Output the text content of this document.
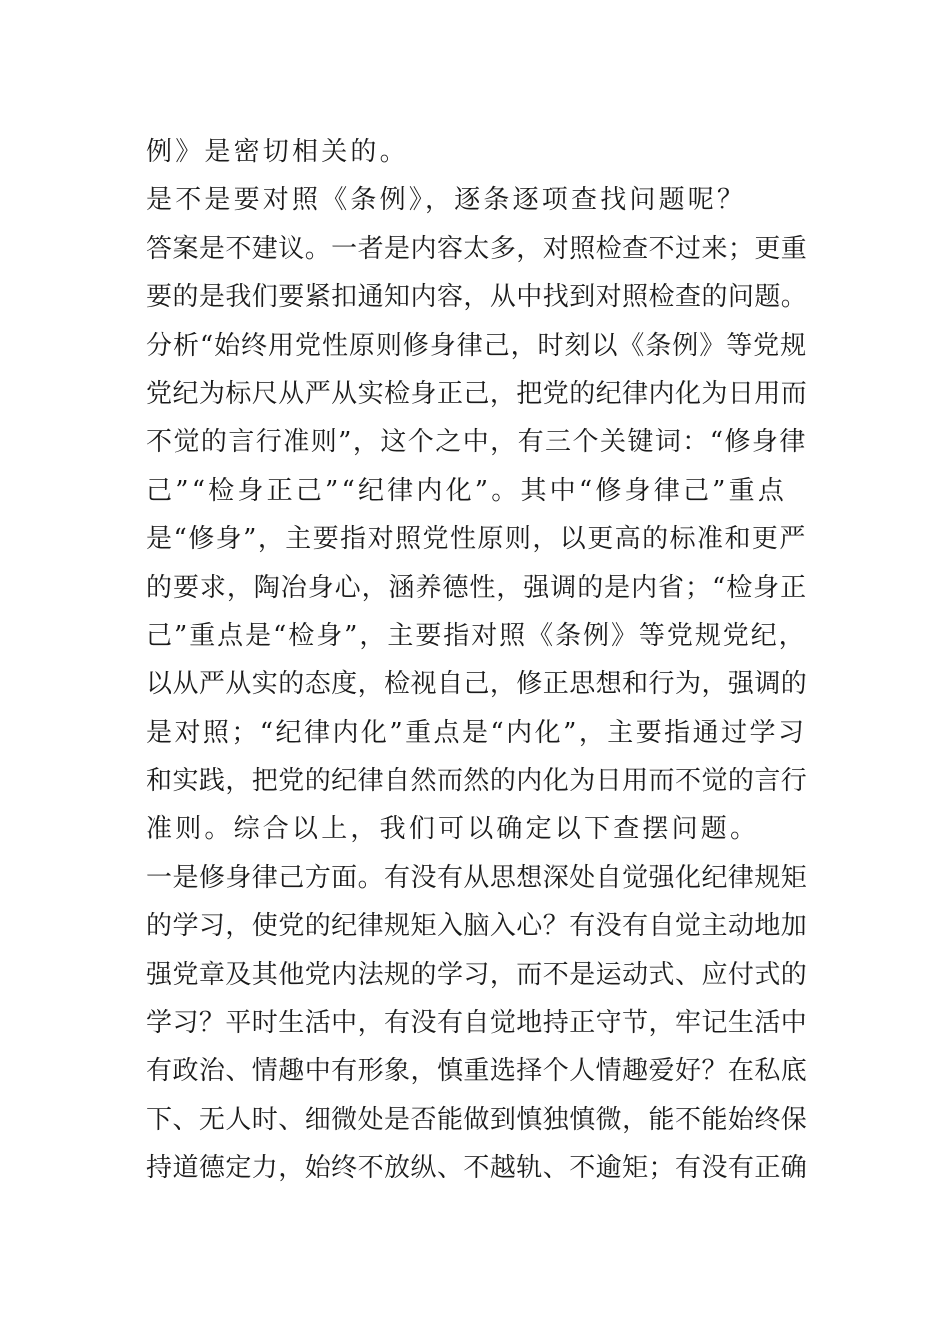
例》是密切相关的。
是不是要对照《条例》，逐条逐项查找问题呢？
答案是不建议。一者是内容太多，对照检查不过来；更重
要的是我们要紧扣通知内容，从中找到对照检查的问题。
分析“始终用党性原则修身律己，时刻以《条例》等党规
党纪为标尺从严从实检身正己，把党的纪律内化为日用而
不觉的言行准则”，这个之中，有三个关键词：“修身律
己”“检身正己”“纪律内化”。其中“修身律己”重点
是“修身”，主要指对照党性原则，以更高的标准和更严
的要求，陶冶身心，涵养德性，强调的是内省；“检身正
己”重点是“检身”，主要指对照《条例》等党规党纪，
以从严从实的态度，检视自己，修正思想和行为，强调的
是对照；“纪律内化”重点是“内化”，主要指通过学习
和实践，把党的纪律自然而然的内化为日用而不觉的言行
准则。综合以上，我们可以确定以下查摆问题。
一是修身律己方面。有没有从思想深处自觉强化纪律规矩
的学习，使党的纪律规矩入脑入心？有没有自觉主动地加
强党章及其他党内法规的学习，而不是运动式、应付式的
学习？平时生活中，有没有自觉地持正守节，牢记生活中
有政治、情趣中有形象，慎重选择个人情趣爱好？在私底
下、无人时、细微处是否能做到慎独慎微，能不能始终保
持道德定力，始终不放纵、不越轨、不逾矩；有没有正确
